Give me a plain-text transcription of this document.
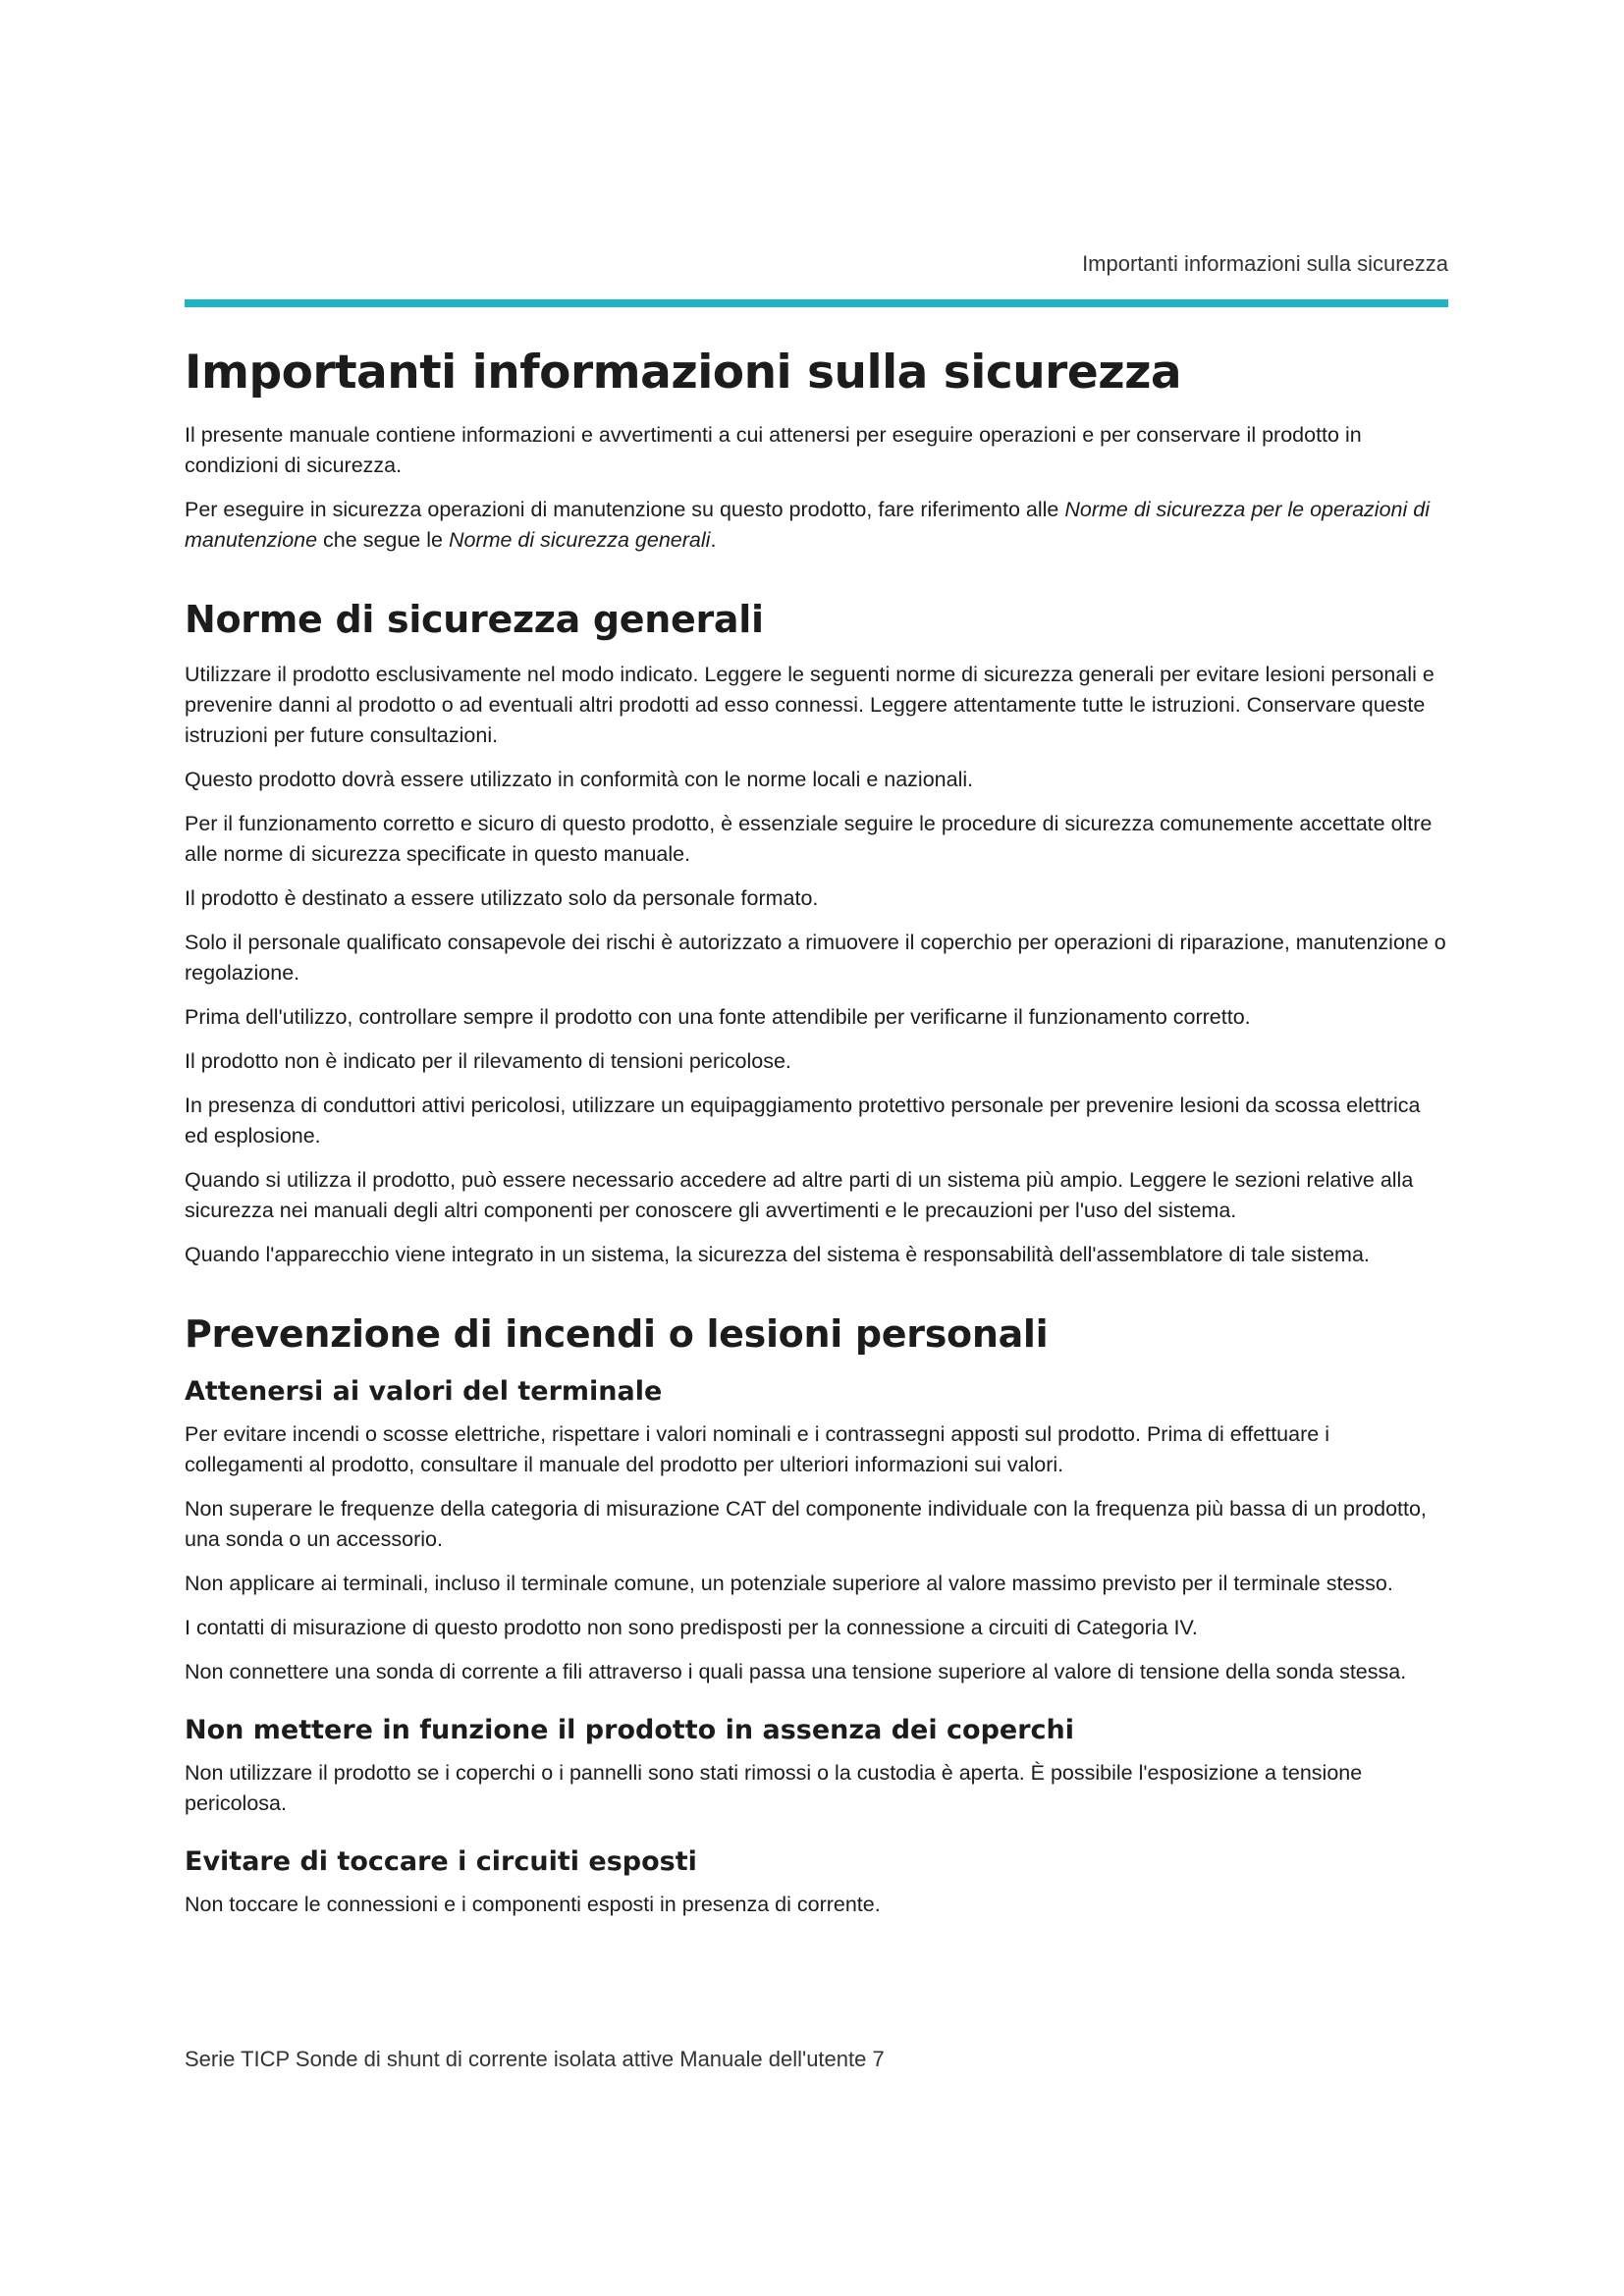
Importanti informazioni sulla sicurezza
Importanti informazioni sulla sicurezza

Il presente manuale contiene informazioni e avvertimenti a cui attenersi per eseguire operazioni e per conservare il prodotto in condizioni di sicurezza.

Per eseguire in sicurezza operazioni di manutenzione su questo prodotto, fare riferimento alle Norme di sicurezza per le operazioni di manutenzione che segue le Norme di sicurezza generali.

Norme di sicurezza generali

Utilizzare il prodotto esclusivamente nel modo indicato. Leggere le seguenti norme di sicurezza generali per evitare lesioni personali e prevenire danni al prodotto o ad eventuali altri prodotti ad esso connessi. Leggere attentamente tutte le istruzioni. Conservare queste istruzioni per future consultazioni.

Questo prodotto dovrà essere utilizzato in conformità con le norme locali e nazionali.

Per il funzionamento corretto e sicuro di questo prodotto, è essenziale seguire le procedure di sicurezza comunemente accettate oltre alle norme di sicurezza specificate in questo manuale.

Il prodotto è destinato a essere utilizzato solo da personale formato.

Solo il personale qualificato consapevole dei rischi è autorizzato a rimuovere il coperchio per operazioni di riparazione, manutenzione o regolazione.

Prima dell'utilizzo, controllare sempre il prodotto con una fonte attendibile per verificarne il funzionamento corretto.

Il prodotto non è indicato per il rilevamento di tensioni pericolose.

In presenza di conduttori attivi pericolosi, utilizzare un equipaggiamento protettivo personale per prevenire lesioni da scossa elettrica ed esplosione.

Quando si utilizza il prodotto, può essere necessario accedere ad altre parti di un sistema più ampio. Leggere le sezioni relative alla sicurezza nei manuali degli altri componenti per conoscere gli avvertimenti e le precauzioni per l'uso del sistema.

Quando l'apparecchio viene integrato in un sistema, la sicurezza del sistema è responsabilità dell'assemblatore di tale sistema.

Prevenzione di incendi o lesioni personali
Attenersi ai valori del terminale

Per evitare incendi o scosse elettriche, rispettare i valori nominali e i contrassegni apposti sul prodotto. Prima di effettuare i collegamenti al prodotto, consultare il manuale del prodotto per ulteriori informazioni sui valori.

Non superare le frequenze della categoria di misurazione CAT del componente individuale con la frequenza più bassa di un prodotto, una sonda o un accessorio.

Non applicare ai terminali, incluso il terminale comune, un potenziale superiore al valore massimo previsto per il terminale stesso.

I contatti di misurazione di questo prodotto non sono predisposti per la connessione a circuiti di Categoria IV.

Non connettere una sonda di corrente a fili attraverso i quali passa una tensione superiore al valore di tensione della sonda stessa.

Non mettere in funzione il prodotto in assenza dei coperchi

Non utilizzare il prodotto se i coperchi o i pannelli sono stati rimossi o la custodia è aperta. È possibile l'esposizione a tensione pericolosa.

Evitare di toccare i circuiti esposti

Non toccare le connessioni e i componenti esposti in presenza di corrente.

Serie TICP Sonde di shunt di corrente isolata attive Manuale dell'utente 7
